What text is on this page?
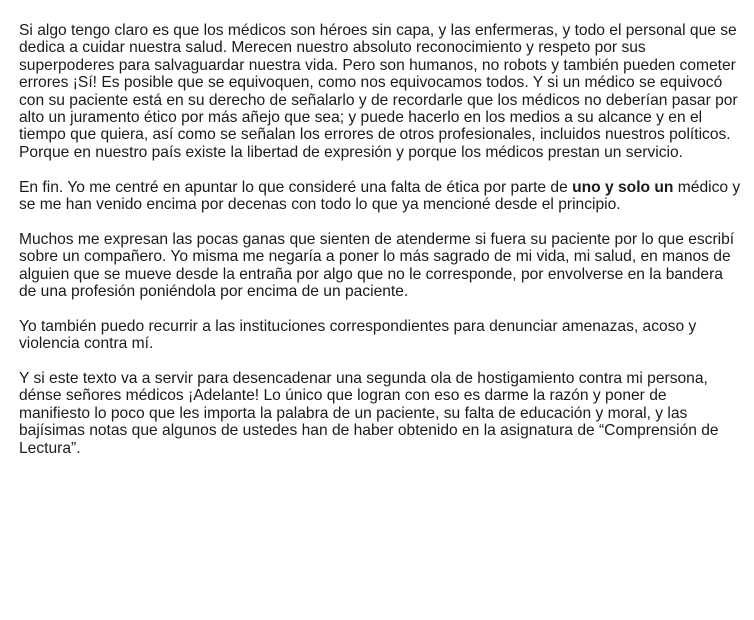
Si algo tengo claro es que los médicos son héroes sin capa, y las enfermeras, y todo el personal que se dedica a cuidar nuestra salud. Merecen nuestro absoluto reconocimiento y respeto por sus superpoderes para salvaguardar nuestra vida. Pero son humanos, no robots y también pueden cometer errores ¡Sí! Es posible que se equivoquen, como nos equivocamos todos. Y si un médico se equivocó con su paciente está en su derecho de señalarlo y de recordarle que los médicos no deberían pasar por alto un juramento ético por más añejo que sea; y puede hacerlo en los medios a su alcance y en el tiempo que quiera, así como se señalan los errores de otros profesionales, incluidos nuestros políticos. Porque en nuestro país existe la libertad de expresión y porque los médicos prestan un servicio.

En fin. Yo me centré en apuntar lo que consideré una falta de ética por parte de uno y solo un médico y se me han venido encima por decenas con todo lo que ya mencioné desde el principio.

Muchos me expresan las pocas ganas que sienten de atenderme si fuera su paciente por lo que escribí sobre un compañero. Yo misma me negaría a poner lo más sagrado de mi vida, mi salud, en manos de alguien que se mueve desde la entraña por algo que no le corresponde, por envolverse en la bandera de una profesión poniéndola por encima de un paciente.

Yo también puedo recurrir a las instituciones correspondientes para denunciar amenazas, acoso y violencia contra mí.

Y si este texto va a servir para desencadenar una segunda ola de hostigamiento contra mi persona, dénse señores médicos ¡Adelante! Lo único que logran con eso es darme la razón y poner de manifiesto lo poco que les importa la palabra de un paciente, su falta de educación y moral, y las bajísimas notas que algunos de ustedes han de haber obtenido en la asignatura de “Comprensión de Lectura”.
